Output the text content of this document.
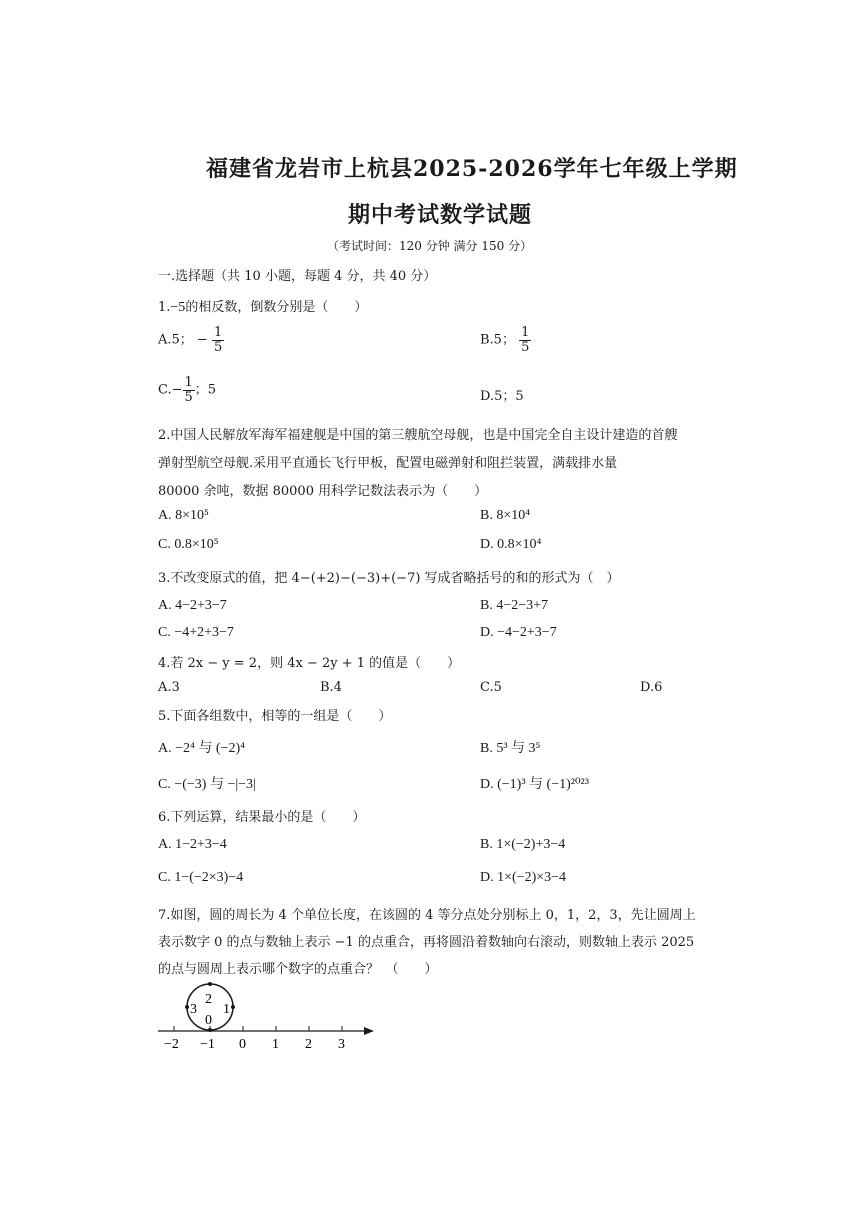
福建省龙岩市上杭县2025-2026学年七年级上学期
期中考试数学试题
（考试时间：120 分钟 满分 150 分）
一.选择题（共 10 小题，每题 4 分，共 40 分）
1.−5的相反数，倒数分别是（　　）
A.5； − $\frac{1}{5}$	B.5； $\frac{1}{5}$
$C.- \frac{1}{5}$ ；5	D.5；5
2.中国人民解放军海军福建舰是中国的第三艘航空母舰，也是中国完全自主设计建造的首艘
弹射型航空母舰.采用平直通长飞行甲板，配置电磁弹射和阻拦装置，满载排水量
80000 余吨，数据 80000 用科学记数法表示为（　　）
A. 8×10⁵	B. 8×10⁴
C. 0.8×10⁵	D. 0.8×10⁴
3.不改变原式的值，把 4−(+2)−(−3)+(−7) 写成省略括号的和的形式为（　）
A. 4−2+3−7	B. 4−2−3+7
C. −4+2+3−7	D. −4−2+3−7
4.若 2x − y = 2，则 4x − 2y + 1 的值是（　　）
A.3	B.4	C.5	D.6
5.下面各组数中，相等的一组是（　　）
A. −2⁴ 与 (−2)⁴	B. 5³ 与 3⁵
C. −(−3) 与 −|−3|	D. (−1)³ 与 (−1)²⁰²³
6.下列运算，结果最小的是（　　）
A. 1−2+3−4	B. 1×(−2)+3−4
C. 1−(−2×3)−4	D. 1×(−2)×3−4
7.如图，圆的周长为 4 个单位长度，在该圆的 4 等分点处分别标上 0，1，2，3，先让圆周上
表示数字 0 的点与数轴上表示 −1 的点重合，再将圆沿着数轴向右滚动，则数轴上表示 2025
的点与圆周上表示哪个数字的点重合？　（　　）
0
1
2
3
−2 −1 0 1 2 3
